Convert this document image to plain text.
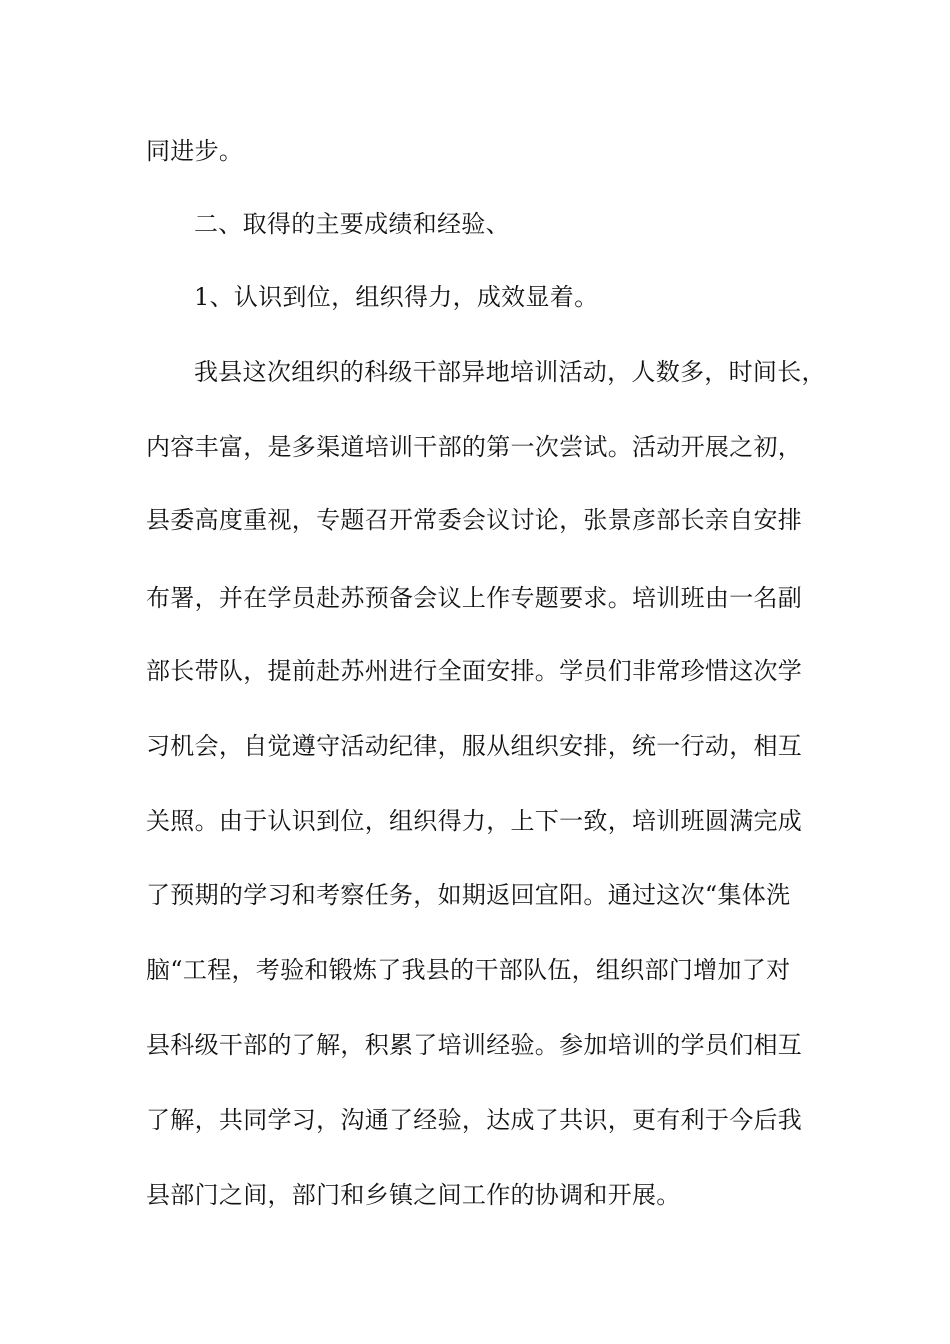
同进步。
二、取得的主要成绩和经验、
1、认识到位，组织得力，成效显着。
我县这次组织的科级干部异地培训活动，人数多，时间长，
内容丰富，是多渠道培训干部的第一次尝试。活动开展之初，
县委高度重视，专题召开常委会议讨论，张景彦部长亲自安排
布署，并在学员赴苏预备会议上作专题要求。培训班由一名副
部长带队，提前赴苏州进行全面安排。学员们非常珍惜这次学
习机会，自觉遵守活动纪律，服从组织安排，统一行动，相互
关照。由于认识到位，组织得力，上下一致，培训班圆满完成
了预期的学习和考察任务，如期返回宜阳。通过这次“集体洗
脑“工程，考验和锻炼了我县的干部队伍，组织部门增加了对
县科级干部的了解，积累了培训经验。参加培训的学员们相互
了解，共同学习，沟通了经验，达成了共识，更有利于今后我
县部门之间，部门和乡镇之间工作的协调和开展。
